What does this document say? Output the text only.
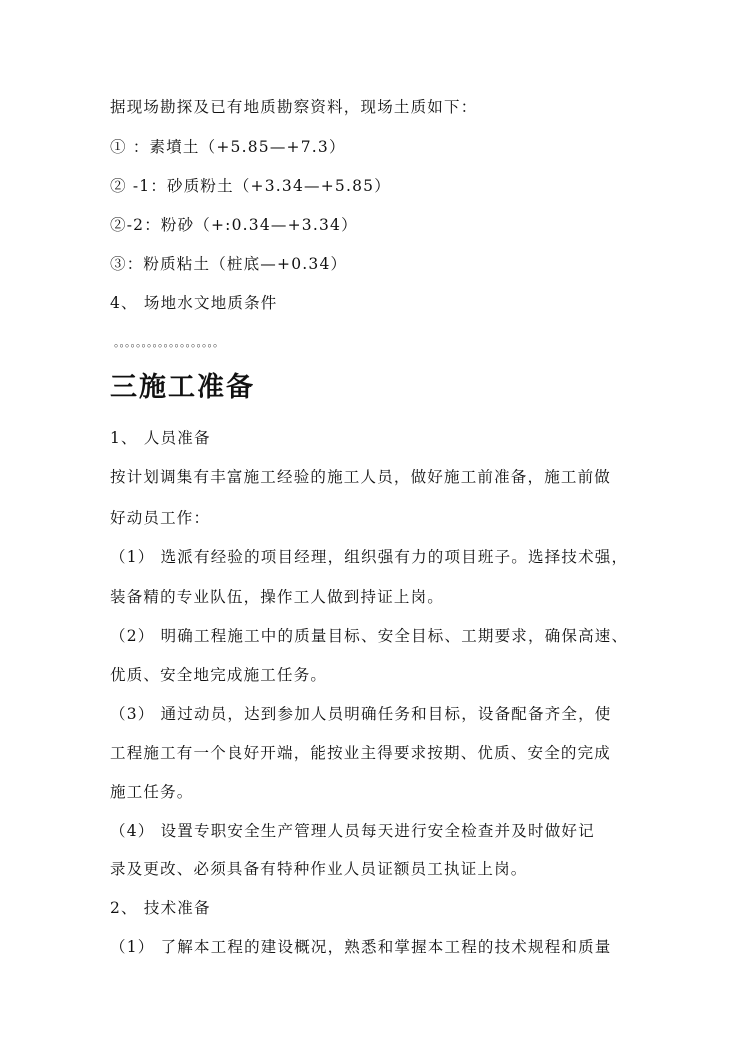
据现场勘探及已有地质勘察资料，现场土质如下：
① ：素墳土（+5.85—+7.3）
② -1：砂质粉土（+3.34—+5.85）
②-2：粉砂（+:0.34—+3.34）
③：粉质粘土（桩底—+0.34）
4、 场地水文地质条件
。。。。。。。。。。。。。。。。。。。
三施工准备
1、 人员准备
按计划调集有丰富施工经验的施工人员，做好施工前准备，施工前做
好动员工作：
（1） 选派有经验的项目经理，组织强有力的项目班子。选择技术强，
装备精的专业队伍，操作工人做到持证上岗。
（2） 明确工程施工中的质量目标、安全目标、工期要求，确保高速、
优质、安全地完成施工任务。
（3） 通过动员，达到参加人员明确任务和目标，设备配备齐全，使
工程施工有一个良好开端，能按业主得要求按期、优质、安全的完成
施工任务。
（4） 设置专职安全生产管理人员每天进行安全检查并及时做好记
录及更改、必须具备有特种作业人员证额员工执证上岗。
2、 技术准备
（1） 了解本工程的建设概况，熟悉和掌握本工程的技术规程和质量
